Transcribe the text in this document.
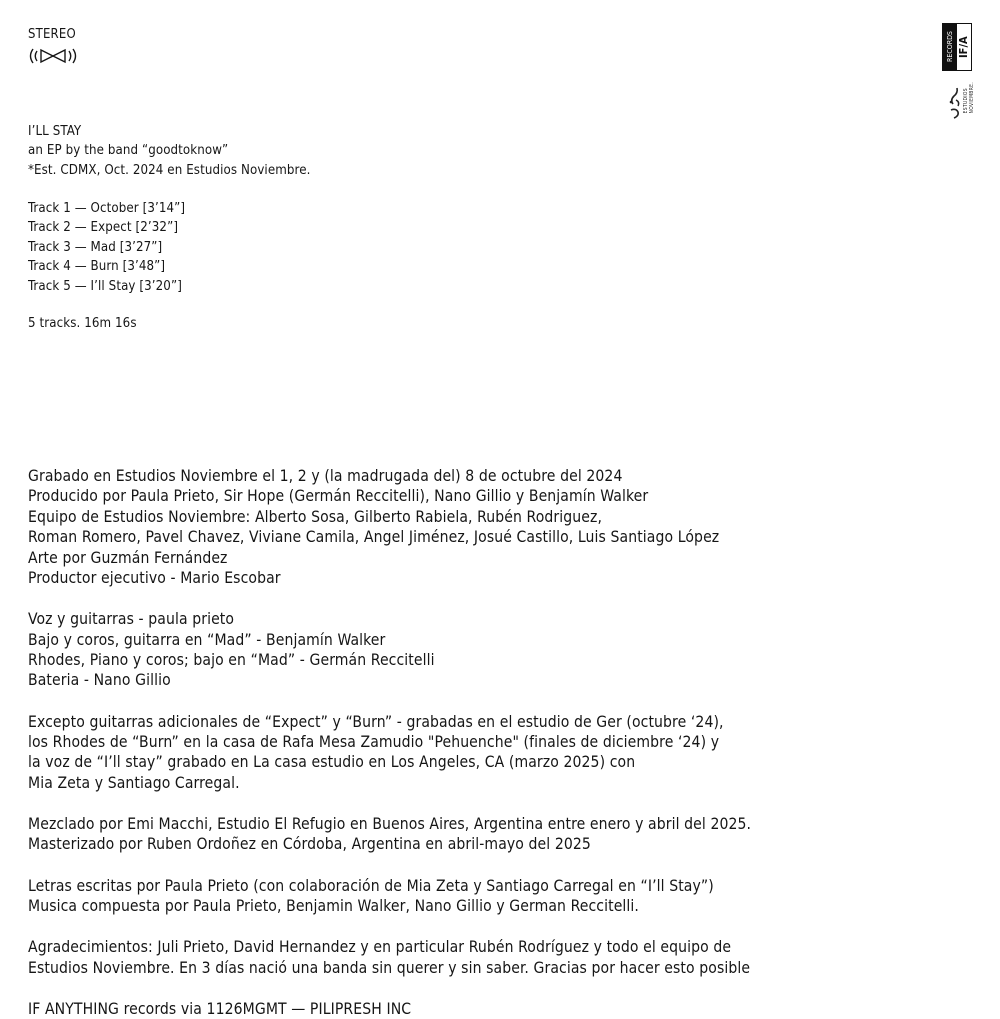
STEREO	RECORDS IF/A
ESTUDIOS
NOVIEMBRE.
I’LL STAY
an EP by the band “goodtoknow”
*Est. CDMX, Oct. 2024 en Estudios Noviembre.
Track 1 — October [3’14”]
Track 2 — Expect [2’32”]
Track 3 — Mad [3’27”]
Track 4 — Burn [3’48”]
Track 5 — I’ll Stay [3’20”]
5 tracks. 16m 16s
Grabado en Estudios Noviembre el 1, 2 y (la madrugada del) 8 de octubre del 2024
Producido por Paula Prieto, Sir Hope (Germán Reccitelli), Nano Gillio y Benjamín Walker
Equipo de Estudios Noviembre: Alberto Sosa, Gilberto Rabiela, Rubén Rodriguez,
Roman Romero, Pavel Chavez, Viviane Camila, Angel Jiménez, Josué Castillo, Luis Santiago López
Arte por Guzmán Fernández
Productor ejecutivo - Mario Escobar
Voz y guitarras - paula prieto
Bajo y coros, guitarra en “Mad” - Benjamín Walker
Rhodes, Piano y coros; bajo en “Mad” - Germán Reccitelli
Bateria - Nano Gillio
Excepto guitarras adicionales de “Expect” y “Burn” - grabadas en el estudio de Ger (octubre ‘24),
los Rhodes de “Burn” en la casa de Rafa Mesa Zamudio "Pehuenche" (finales de diciembre ‘24) y
la voz de “I’ll stay” grabado en La casa estudio en Los Angeles, CA (marzo 2025) con
Mia Zeta y Santiago Carregal.
Mezclado por Emi Macchi, Estudio El Refugio en Buenos Aires, Argentina entre enero y abril del 2025.
Masterizado por Ruben Ordoñez en Córdoba, Argentina en abril-mayo del 2025
Letras escritas por Paula Prieto (con colaboración de Mia Zeta y Santiago Carregal en “I’ll Stay”)
Musica compuesta por Paula Prieto, Benjamin Walker, Nano Gillio y German Reccitelli.
Agradecimientos: Juli Prieto, David Hernandez y en particular Rubén Rodríguez y todo el equipo de
Estudios Noviembre. En 3 días nació una banda sin querer y sin saber. Gracias por hacer esto posible
IF ANYTHING records via 1126MGMT — PILIPRESH INC
